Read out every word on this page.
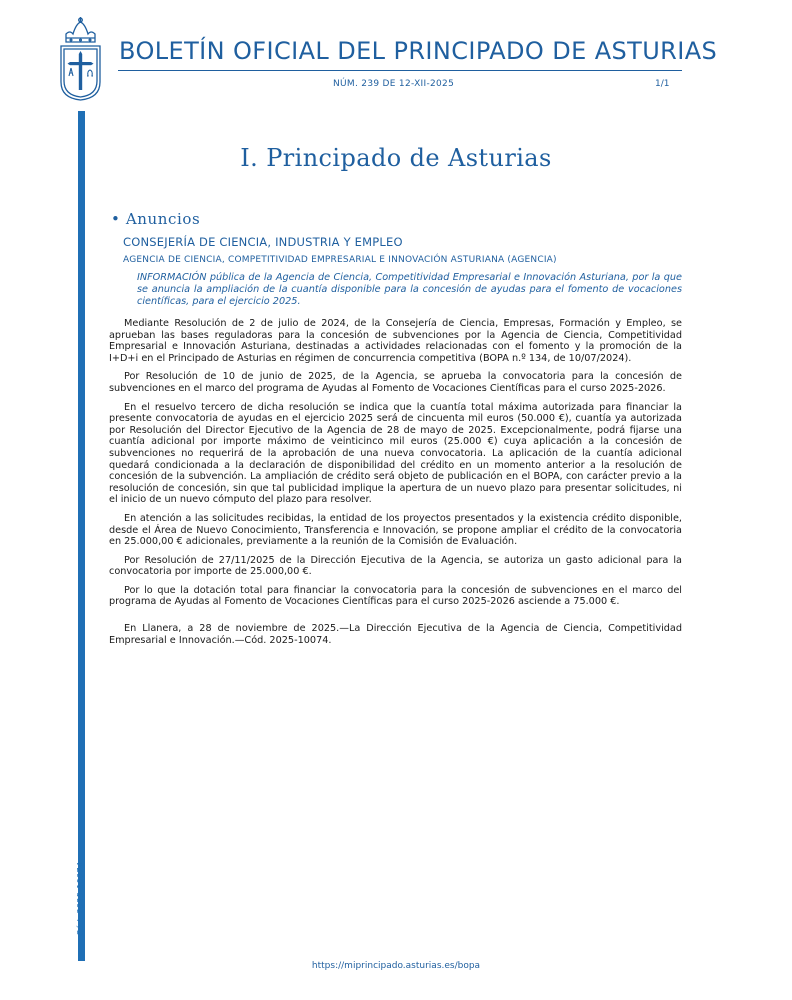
Cód. 2025-10074
BOLETÍN OFICIAL DEL PRINCIPADO DE ASTURIAS
NÚM. 239 DE 12-XII-2025	1/1
I. Principado de Asturias
• Anuncios
CONSEJERÍA DE CIENCIA, INDUSTRIA Y EMPLEO
AGENCIA DE CIENCIA, COMPETITIVIDAD EMPRESARIAL E INNOVACIÓN ASTURIANA (AGENCIA)

INFORMACIÓN pública de la Agencia de Ciencia, Competitividad Empresarial e Innovación Asturiana, por la que se anuncia la ampliación de la cuantía disponible para la concesión de ayudas para el fomento de vocaciones científicas, para el ejercicio 2025.

Mediante Resolución de 2 de julio de 2024, de la Consejería de Ciencia, Empresas, Formación y Empleo, se aprueban las bases reguladoras para la concesión de subvenciones por la Agencia de Ciencia, Competitividad Empresarial e Innovación Asturiana, destinadas a actividades relacionadas con el fomento y la promoción de la I+D+i en el Principado de Asturias en régimen de concurrencia competitiva (BOPA n.º 134, de 10/07/2024).

Por Resolución de 10 de junio de 2025, de la Agencia, se aprueba la convocatoria para la concesión de subvenciones en el marco del programa de Ayudas al Fomento de Vocaciones Científicas para el curso 2025-2026.

En el resuelvo tercero de dicha resolución se indica que la cuantía total máxima autorizada para financiar la presente convocatoria de ayudas en el ejercicio 2025 será de cincuenta mil euros (50.000 €), cuantía ya autorizada por Resolución del Director Ejecutivo de la Agencia de 28 de mayo de 2025. Excepcionalmente, podrá fijarse una cuantía adicional por importe máximo de veinticinco mil euros (25.000 €) cuya aplicación a la concesión de subvenciones no requerirá de la aprobación de una nueva convocatoria. La aplicación de la cuantía adicional quedará condicionada a la declaración de disponibilidad del crédito en un momento anterior a la resolución de concesión de la subvención. La ampliación de crédito será objeto de publicación en el BOPA, con carácter previo a la resolución de concesión, sin que tal publicidad implique la apertura de un nuevo plazo para presentar solicitudes, ni el inicio de un nuevo cómputo del plazo para resolver.

En atención a las solicitudes recibidas, la entidad de los proyectos presentados y la existencia crédito disponible, desde el Área de Nuevo Conocimiento, Transferencia e Innovación, se propone ampliar el crédito de la convocatoria en 25.000,00 € adicionales, previamente a la reunión de la Comisión de Evaluación.

Por Resolución de 27/11/2025 de la Dirección Ejecutiva de la Agencia, se autoriza un gasto adicional para la convocatoria por importe de 25.000,00 €.

Por lo que la dotación total para financiar la convocatoria para la concesión de subvenciones en el marco del programa de Ayudas al Fomento de Vocaciones Científicas para el curso 2025-2026 asciende a 75.000 €.

En Llanera, a 28 de noviembre de 2025.—La Dirección Ejecutiva de la Agencia de Ciencia, Competitividad Empresarial e Innovación.—Cód. 2025-10074.

https://miprincipado.asturias.es/bopa
